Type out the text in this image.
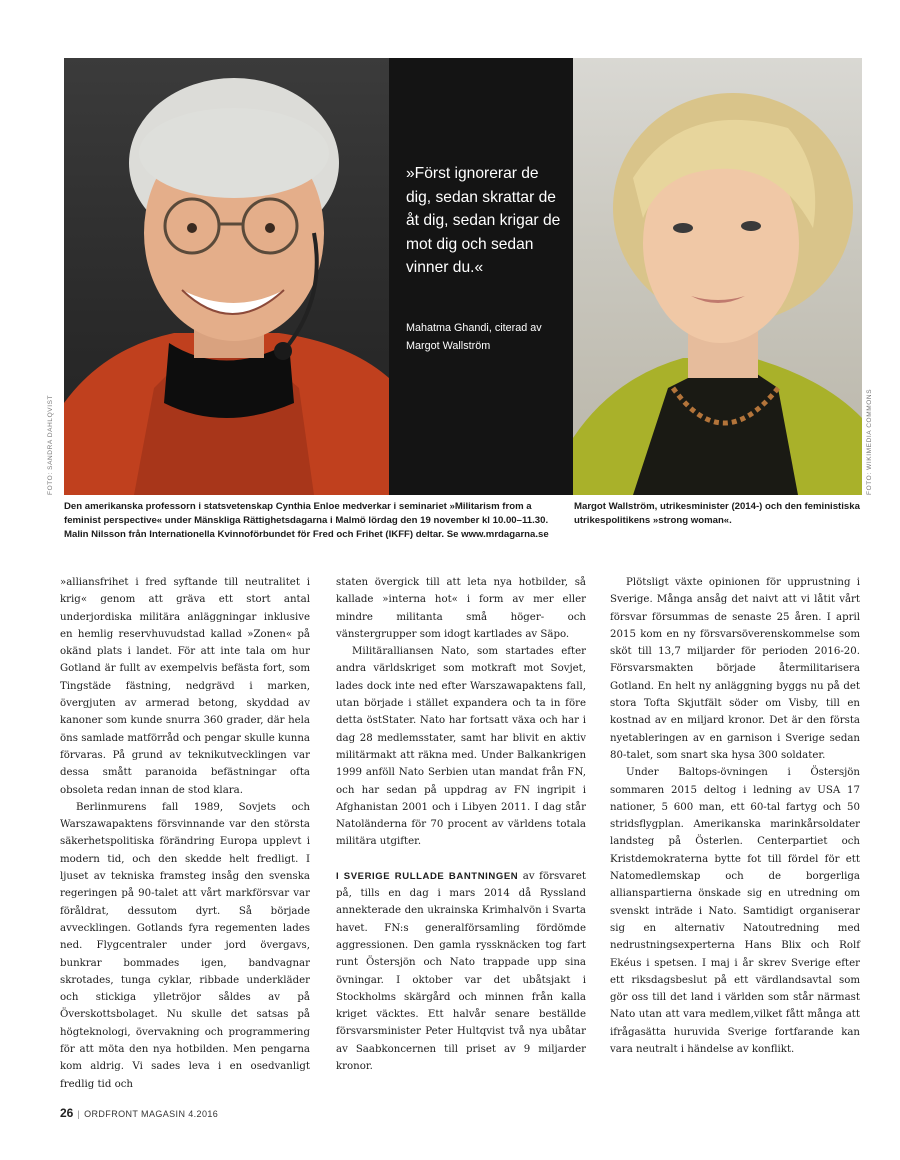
»Först ignorerar de dig, sedan skrattar de åt dig, sedan krigar de mot dig och sedan vinner du.«
Mahatma Ghandi, citerad av Margot Wallström
FOTO: SANDRA DAHLQVIST	FOTO: WIKIMEDIA COMMONS
Den amerikanska professorn i statsvetenskap Cynthia Enloe medverkar i seminariet »Militarism from a feminist perspective« under Mänskliga Rättighetsdagarna i Malmö lördag den 19 november kl 10.00–11.30. Malin Nilsson från Internationella Kvinnoförbundet för Fred och Frihet (IKFF) deltar. Se www.mrdagarna.se
Margot Wallström, utrikesminister (2014-) och den feministiska utrikespolitikens »strong woman«.

»alliansfrihet i fred syftande till neutralitet i krig« genom att gräva ett stort antal underjordiska militära anläggningar inklusive en hemlig reservhuvudstad kallad »Zonen« på okänd plats i landet. För att inte tala om hur Gotland är fullt av exempelvis befästa fort, som Tingstäde fästning, nedgrävd i marken, övergjuten av armerad betong, skyddad av kanoner som kunde snurra 360 grader, där hela öns samlade matförråd och pengar skulle kunna förvaras. På grund av teknikutvecklingen var dessa smått paranoida befästningar ofta obsoleta redan innan de stod klara.

Berlinmurens fall 1989, Sovjets och Warszawapaktens försvinnande var den största säkerhetspolitiska förändring Europa upplevt i modern tid, och den skedde helt fredligt. I ljuset av tekniska framsteg insåg den svenska regeringen på 90-talet att vårt markförsvar var föråldrat, dessutom dyrt. Så började avvecklingen. Gotlands fyra regementen lades ned. Flygcentraler under jord övergavs, bunkrar bommades igen, bandvagnar skrotades, tunga cyklar, ribbade underkläder och stickiga ylletröjor såldes av på Överskottsbolaget. Nu skulle det satsas på högteknologi, övervakning och programmering för att möta den nya hotbilden. Men pengarna kom aldrig. Vi sades leva i en osedvanligt fredlig tid och

staten övergick till att leta nya hotbilder, så kallade »interna hot« i form av mer eller mindre militanta små höger- och vänstergrupper som idogt kartlades av Säpo.

Militäralliansen Nato, som startades efter andra världskriget som motkraft mot Sovjet, lades dock inte ned efter Warszawapaktens fall, utan började i stället expandera och ta in före detta östStater. Nato har fortsatt växa och har i dag 28 medlemsstater, samt har blivit en aktiv militärmakt att räkna med. Under Balkankrigen 1999 anföll Nato Serbien utan mandat från FN, och har sedan på uppdrag av FN ingripit i Afghanistan 2001 och i Libyen 2011. I dag står Natoländerna för 70 procent av världens totala militära utgifter.

I SVERIGE RULLADE BANTNINGEN av försvaret på, tills en dag i mars 2014 då Ryssland annekterade den ukrainska Krimhalvön i Svarta havet. FN:s generalförsamling fördömde aggressionen. Den gamla ryssknäcken tog fart runt Östersjön och Nato trappade upp sina övningar. I oktober var det ubåtsjakt i Stockholms skärgård och minnen från kalla kriget väcktes. Ett halvår senare beställde försvarsminister Peter Hultqvist två nya ubåtar av Saabkoncernen till priset av 9 miljarder kronor.

Plötsligt växte opinionen för upprustning i Sverige. Många ansåg det naivt att vi låtit vårt försvar försummas de senaste 25 åren. I april 2015 kom en ny försvarsöverenskommelse som sköt till 13,7 miljarder för perioden 2016-20. Försvarsmakten började återmilitarisera Gotland. En helt ny anläggning byggs nu på det stora Tofta Skjutfält söder om Visby, till en kostnad av en miljard kronor. Det är den första nyetableringen av en garnison i Sverige sedan 80-talet, som snart ska hysa 300 soldater.

Under Baltops-övningen i Östersjön sommaren 2015 deltog i ledning av USA 17 nationer, 5 600 man, ett 60-tal fartyg och 50 stridsflygplan. Amerikanska marinkårsoldater landsteg på Österlen. Centerpartiet och Kristdemokraterna bytte fot till fördel för ett Natomedlemskap och de borgerliga allianspartierna önskade sig en utredning om svenskt inträde i Nato. Samtidigt organiserar sig en alternativ Natoutredning med nedrustningsexperterna Hans Blix och Rolf Ekéus i spetsen. I maj i år skrev Sverige efter ett riksdagsbeslut på ett värdlandsavtal som gör oss till det land i världen som står närmast Nato utan att vara medlem,vilket fått många att ifrågasätta huruvida Sverige fortfarande kan vara neutralt i händelse av konflikt.

26 | ORDFRONT MAGASIN 4.2016
